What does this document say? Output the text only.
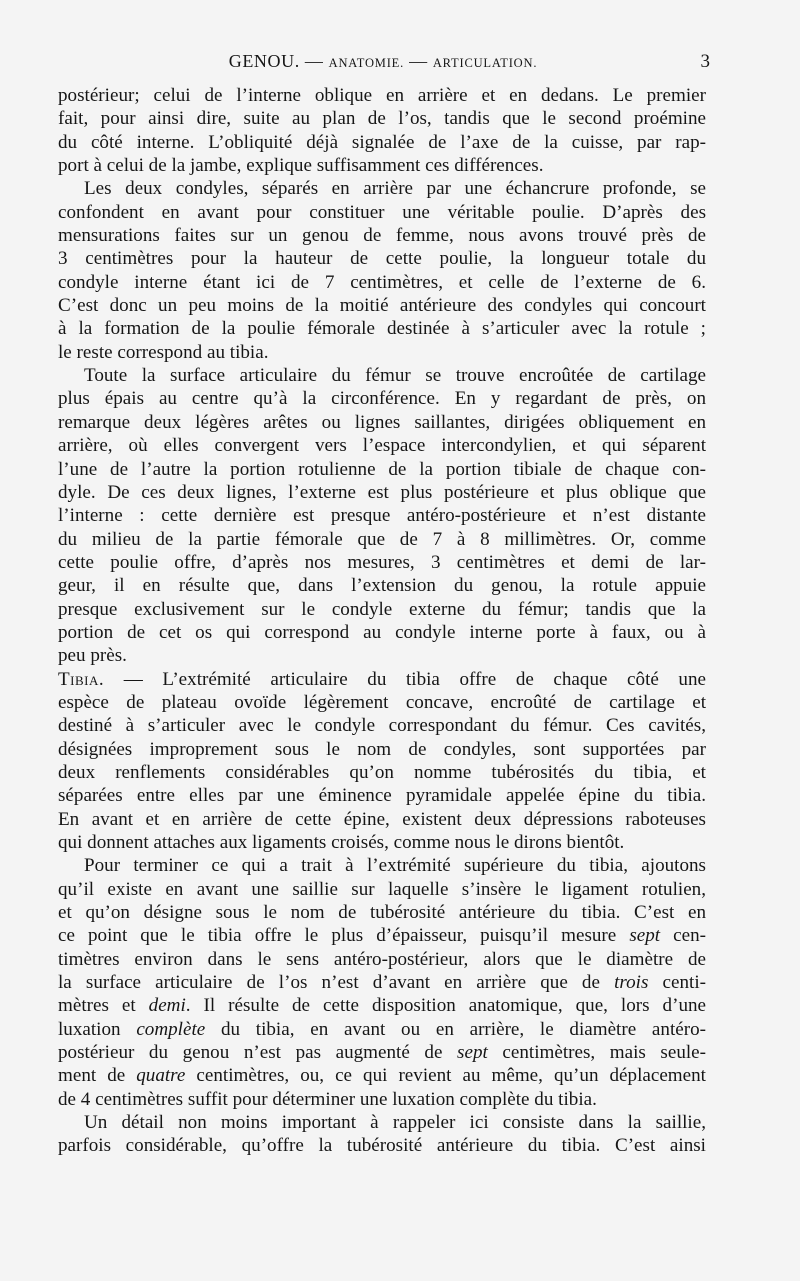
GENOU. — ANATOMIE. — ARTICULATION.	3
postérieur; celui de l’interne oblique en arrière et en dedans. Le premier
fait, pour ainsi dire, suite au plan de l’os, tandis que le second proémine
du côté interne. L’obliquité déjà signalée de l’axe de la cuisse, par rap-
port à celui de la jambe, explique suffisamment ces différences.
Les deux condyles, séparés en arrière par une échancrure profonde, se
confondent en avant pour constituer une véritable poulie. D’après des
mensurations faites sur un genou de femme, nous avons trouvé près de
3 centimètres pour la hauteur de cette poulie, la longueur totale du
condyle interne étant ici de 7 centimètres, et celle de l’externe de 6.
C’est donc un peu moins de la moitié antérieure des condyles qui concourt
à la formation de la poulie fémorale destinée à s’articuler avec la rotule ;
le reste correspond au tibia.
Toute la surface articulaire du fémur se trouve encroûtée de cartilage
plus épais au centre qu’à la circonférence. En y regardant de près, on
remarque deux légères arêtes ou lignes saillantes, dirigées obliquement en
arrière, où elles convergent vers l’espace intercondylien, et qui séparent
l’une de l’autre la portion rotulienne de la portion tibiale de chaque con-
dyle. De ces deux lignes, l’externe est plus postérieure et plus oblique que
l’interne : cette dernière est presque antéro-postérieure et n’est distante
du milieu de la partie fémorale que de 7 à 8 millimètres. Or, comme
cette poulie offre, d’après nos mesures, 3 centimètres et demi de lar-
geur, il en résulte que, dans l’extension du genou, la rotule appuie
presque exclusivement sur le condyle externe du fémur; tandis que la
portion de cet os qui correspond au condyle interne porte à faux, ou à
peu près.
Tibia. — L’extrémité articulaire du tibia offre de chaque côté une
espèce de plateau ovoïde légèrement concave, encroûté de cartilage et
destiné à s’articuler avec le condyle correspondant du fémur. Ces cavités,
désignées improprement sous le nom de condyles, sont supportées par
deux renflements considérables qu’on nomme tubérosités du tibia, et
séparées entre elles par une éminence pyramidale appelée épine du tibia.
En avant et en arrière de cette épine, existent deux dépressions raboteuses
qui donnent attaches aux ligaments croisés, comme nous le dirons bientôt.
Pour terminer ce qui a trait à l’extrémité supérieure du tibia, ajoutons
qu’il existe en avant une saillie sur laquelle s’insère le ligament rotulien,
et qu’on désigne sous le nom de tubérosité antérieure du tibia. C’est en
ce point que le tibia offre le plus d’épaisseur, puisqu’il mesure sept cen-
timètres environ dans le sens antéro-postérieur, alors que le diamètre de
la surface articulaire de l’os n’est d’avant en arrière que de trois centi-
mètres et demi. Il résulte de cette disposition anatomique, que, lors d’une
luxation complète du tibia, en avant ou en arrière, le diamètre antéro-
postérieur du genou n’est pas augmenté de sept centimètres, mais seule-
ment de quatre centimètres, ou, ce qui revient au même, qu’un déplacement
de 4 centimètres suffit pour déterminer une luxation complète du tibia.
Un détail non moins important à rappeler ici consiste dans la saillie,
parfois considérable, qu’offre la tubérosité antérieure du tibia. C’est ainsi
